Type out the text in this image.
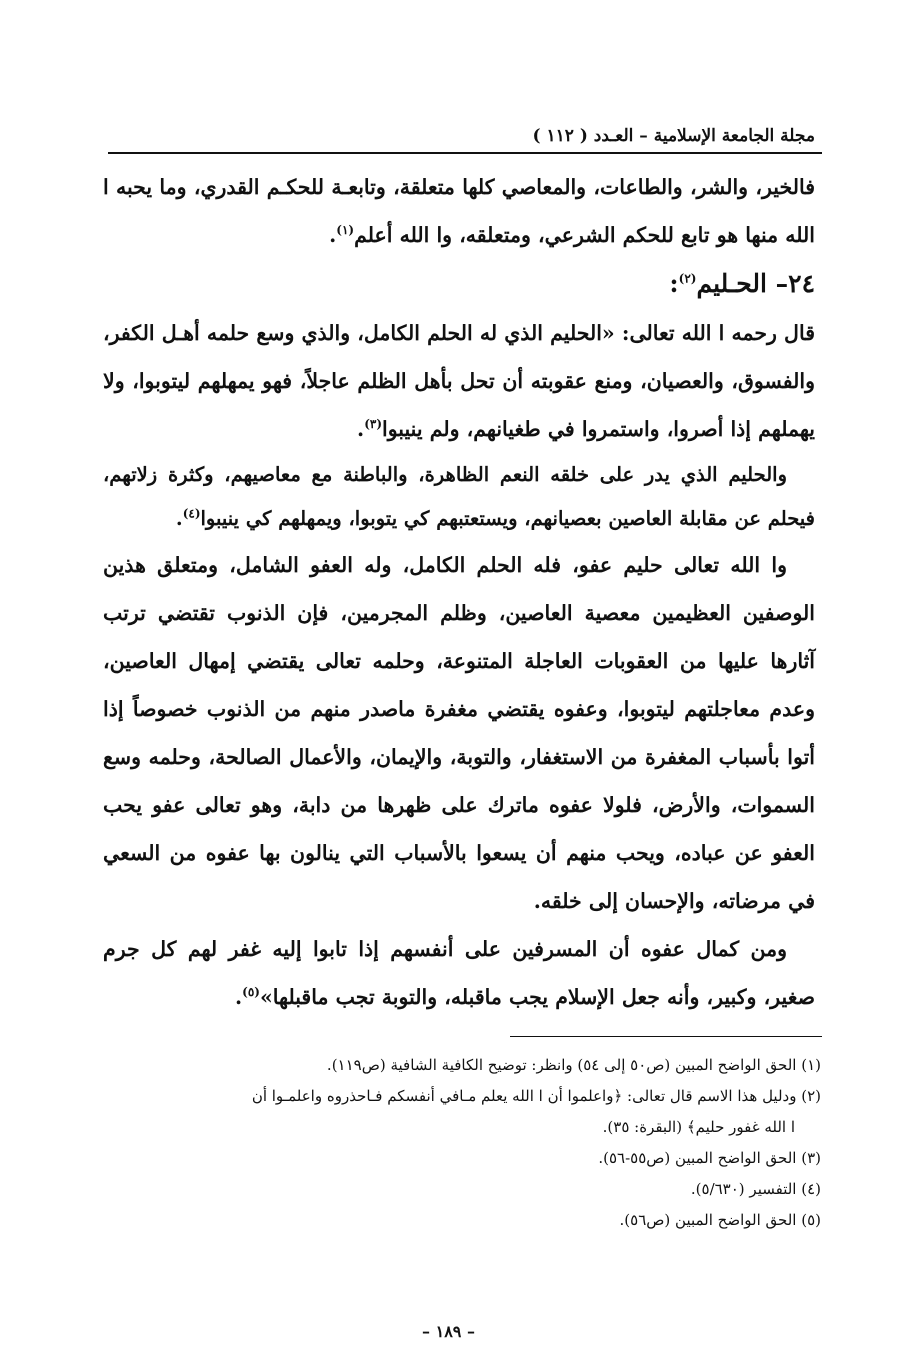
مجلة الجامعة الإسلامية – العـدد ( ١١٢ )

فالخير، والشر، والطاعات، والمعاصي كلها متعلقة، وتابعـة للحكـم القدري، وما يحبه ا الله منها هو تابع للحكم الشرعي، ومتعلقه، وا الله أعلم$^{(١)}$.

٢٤– الحـليم$^{(٢)}$:

قال رحمه ا الله تعالى: «الحليم الذي له الحلم الكامل، والذي وسع حلمه أهـل الكفر، والفسوق، والعصيان، ومنع عقوبته أن تحل بأهل الظلم عاجلاً، فهو يمهلهم ليتوبوا، ولا يهملهم إذا أصروا، واستمروا في طغيانهم، ولم ينيبوا$^{(٣)}$.

والحليم الذي يدر على خلقه النعم الظاهرة، والباطنة مع معاصيهم، وكثرة زلاتهم، فيحلم عن مقابلة العاصين بعصيانهم، ويستعتبهم كي يتوبوا، ويمهلهم كي ينيبوا$^{(٤)}$.

وا الله تعالى حليم عفو، فله الحلم الكامل، وله العفو الشامل، ومتعلق هذين الوصفين العظيمين معصية العاصين، وظلم المجرمين، فإن الذنوب تقتضي ترتب آثارها عليها من العقوبات العاجلة المتنوعة، وحلمه تعالى يقتضي إمهال العاصين، وعدم معاجلتهم ليتوبوا، وعفوه يقتضي مغفرة ماصدر منهم من الذنوب خصوصاً إذا أتوا بأسباب المغفرة من الاستغفار، والتوبة، والإيمان، والأعمال الصالحة، وحلمه وسع السموات، والأرض، فلولا عفوه ماترك على ظهرها من دابة، وهو تعالى عفو يحب العفو عن عباده، ويحب منهم أن يسعوا بالأسباب التي ينالون بها عفوه من السعي في مرضاته، والإحسان إلى خلقه.

ومن كمال عفوه أن المسرفين على أنفسهم إذا تابوا إليه غفر لهم كل جرم صغير، وكبير، وأنه جعل الإسلام يجب ماقبله، والتوبة تجب ماقبلها»$^{(٥)}$.

(١) الحق الواضح المبين (ص٥٠ إلى ٥٤) وانظر: توضيح الكافية الشافية (ص١١٩).

(٢) ودليل هذا الاسم قال تعالى: ﴿واعلموا أن ا الله يعلم مـافي أنفسكم فـاحذروه واعلمـوا أن

ا الله غفور حليم﴾ (البقرة: ٣٥).

(٣) الحق الواضح المبين (ص٥٥-٥٦).

(٤) التفسير (٥/٦٣٠).

(٥) الحق الواضح المبين (ص٥٦).

– ١٨٩ –
